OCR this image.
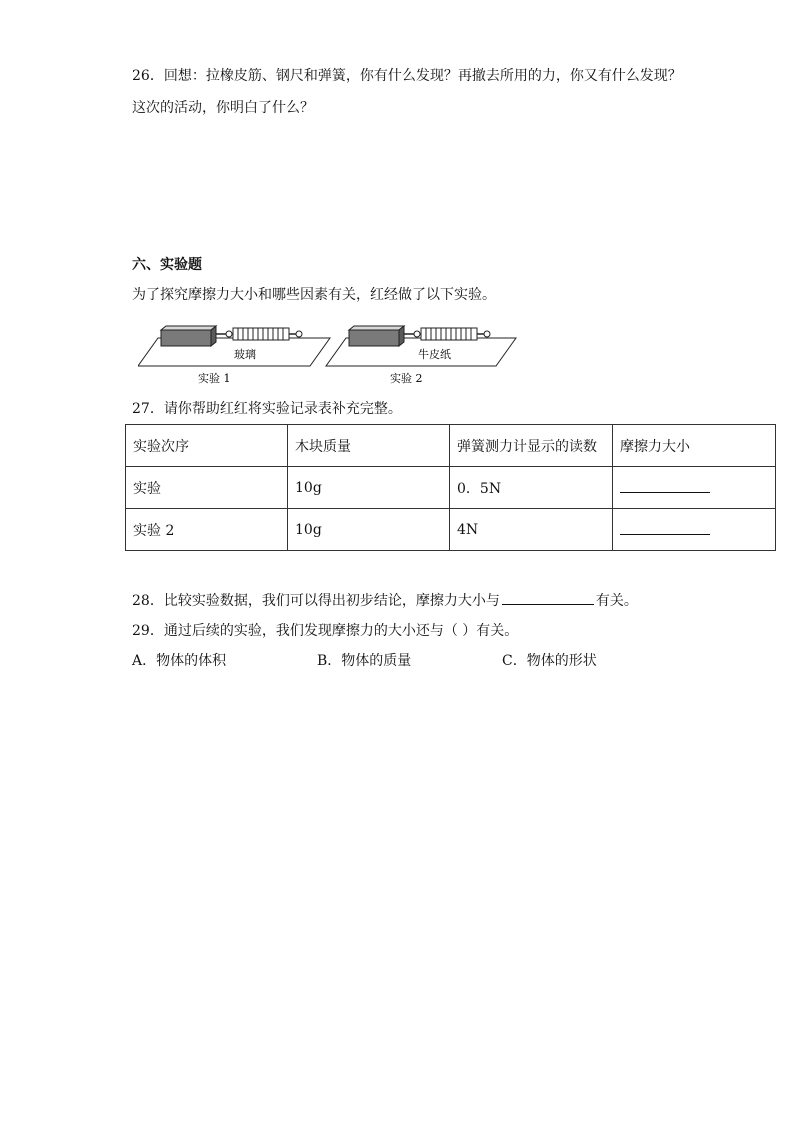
26．回想：拉橡皮筋、钢尺和弹簧，你有什么发现？再撤去所用的力，你又有什么发现？
这次的活动，你明白了什么？
六、实验题
为了探究摩擦力大小和哪些因素有关，红经做了以下实验。
玻璃
实验 1
牛皮纸
实验 2
27．请你帮助红红将实验记录表补充完整。
实验次序	木块质量	弹簧测力计显示的读数	摩擦力大小
实验	10g	0．5N	
实验 2	10g	4N	
28．比较实验数据，我们可以得出初步结论，摩擦力大小与	有关。
29．通过后续的实验，我们发现摩擦力的大小还与（ ）有关。
A．物体的体积	B．物体的质量	C．物体的形状
